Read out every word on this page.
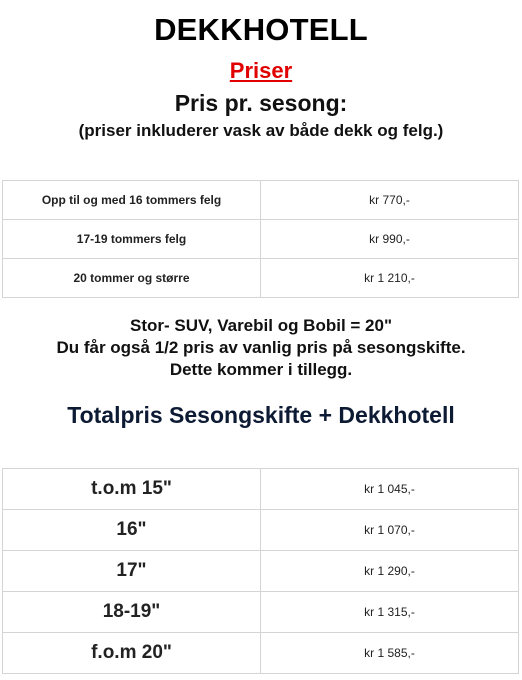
DEKKHOTELL
Priser
Pris pr. sesong:
(priser inkluderer vask av både dekk og felg.)
Opp til og med 16 tommers felg	kr 770,-
17-19 tommers felg	kr 990,-
20 tommer og større	kr 1 210,-
Stor- SUV, Varebil og Bobil = 20"
Du får også 1/2 pris av vanlig pris på sesongskifte.
Dette kommer i tillegg.
Totalpris Sesongskifte + Dekkhotell
t.o.m 15"	kr 1 045,-
16"	kr 1 070,-
17"	kr 1 290,-
18-19"	kr 1 315,-
f.o.m 20"	kr 1 585,-
